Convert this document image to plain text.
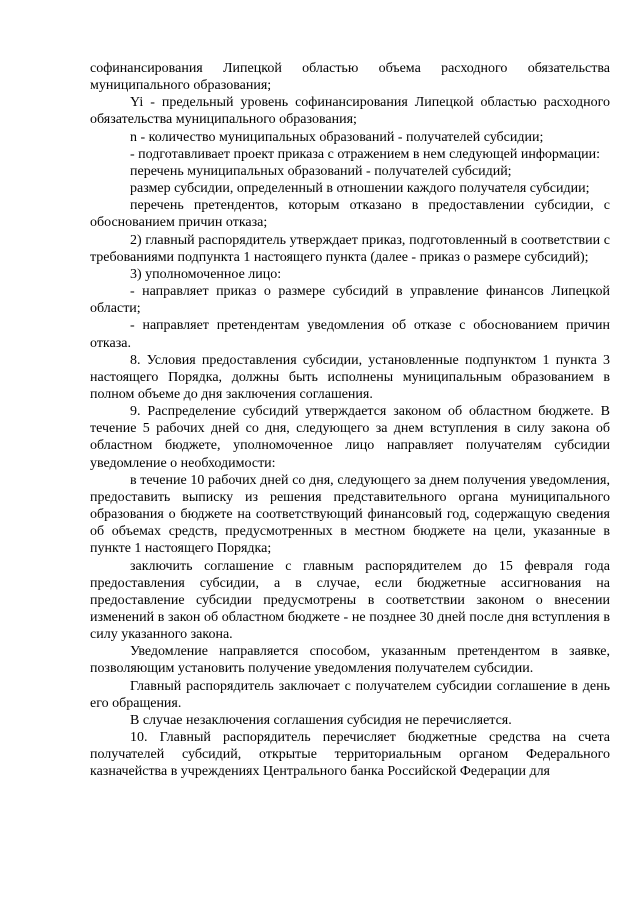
софинансирования Липецкой областью объема расходного обязательства муниципального образования;

Yi - предельный уровень софинансирования Липецкой областью расходного обязательства муниципального образования;

n - количество муниципальных образований - получателей субсидии;

- подготавливает проект приказа с отражением в нем следующей информации:

перечень муниципальных образований - получателей субсидий;

размер субсидии, определенный в отношении каждого получателя субсидии;

перечень претендентов, которым отказано в предоставлении субсидии, с обоснованием причин отказа;

2) главный распорядитель утверждает приказ, подготовленный в соответствии с требованиями подпункта 1 настоящего пункта (далее - приказ о размере субсидий);

3) уполномоченное лицо:

- направляет приказ о размере субсидий в управление финансов Липецкой области;

- направляет претендентам уведомления об отказе с обоснованием причин отказа.

8. Условия предоставления субсидии, установленные подпунктом 1 пункта 3 настоящего Порядка, должны быть исполнены муниципальным образованием в полном объеме до дня заключения соглашения.

9. Распределение субсидий утверждается законом об областном бюджете. В течение 5 рабочих дней со дня, следующего за днем вступления в силу закона об областном бюджете, уполномоченное лицо направляет получателям субсидии уведомление о необходимости:

в течение 10 рабочих дней со дня, следующего за днем получения уведомления, предоставить выписку из решения представительного органа муниципального образования о бюджете на соответствующий финансовый год, содержащую сведения об объемах средств, предусмотренных в местном бюджете на цели, указанные в пункте 1 настоящего Порядка;

заключить соглашение с главным распорядителем до 15 февраля года предоставления субсидии, а в случае, если бюджетные ассигнования на предоставление субсидии предусмотрены в соответствии законом о внесении изменений в закон об областном бюджете - не позднее 30 дней после дня вступления в силу указанного закона.

Уведомление направляется способом, указанным претендентом в заявке, позволяющим установить получение уведомления получателем субсидии.

Главный распорядитель заключает с получателем субсидии соглашение в день его обращения.

В случае незаключения соглашения субсидия не перечисляется.

10. Главный распорядитель перечисляет бюджетные средства на счета получателей субсидий, открытые территориальным органом Федерального казначейства в учреждениях Центрального банка Российской Федерации для
